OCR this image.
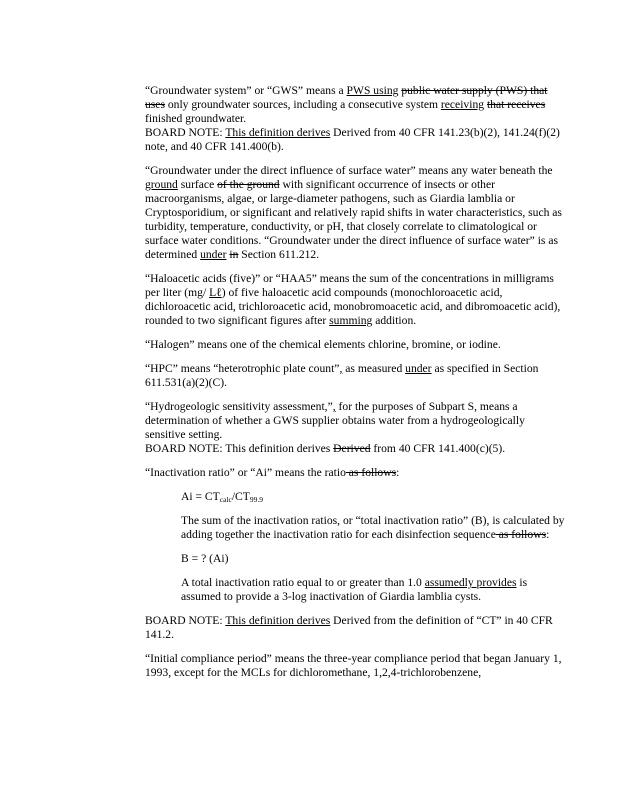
“Groundwater system” or “GWS” means a PWS using public water supply (PWS) that uses only groundwater sources, including a consecutive system receiving that receives finished groundwater.
BOARD NOTE: This definition derives Derived from 40 CFR 141.23(b)(2), 141.24(f)(2) note, and 40 CFR 141.400(b).

“Groundwater under the direct influence of surface water” means any water beneath the ground surface of the ground with significant occurrence of insects or other macroorganisms, algae, or large-diameter pathogens, such as Giardia lamblia or Cryptosporidium, or significant and relatively rapid shifts in water characteristics, such as turbidity, temperature, conductivity, or pH, that closely correlate to climatological or surface water conditions. “Groundwater under the direct influence of surface water” is as determined under in Section 611.212.

“Haloacetic acids (five)” or “HAA5” means the sum of the concentrations in milligrams per liter (mg/ Lℓ) of five haloacetic acid compounds (monochloroacetic acid, dichloroacetic acid, trichloroacetic acid, monobromoacetic acid, and dibromoacetic acid), rounded to two significant figures after summing addition.

“Halogen” means one of the chemical elements chlorine, bromine, or iodine.

“HPC” means “heterotrophic plate count”, as measured under as specified in Section 611.531(a)(2)(C).

“Hydrogeologic sensitivity assessment,”, for the purposes of Subpart S, means a determination of whether a GWS supplier obtains water from a hydrogeologically sensitive setting.
BOARD NOTE: This definition derives Derived from 40 CFR 141.400(c)(5).

“Inactivation ratio” or “Ai” means the ratio as follows:

$Ai = CT_{calc}/CT_{99.9}$

The sum of the inactivation ratios, or “total inactivation ratio” (B), is calculated by adding together the inactivation ratio for each disinfection sequence as follows:

B = ? (Ai)

A total inactivation ratio equal to or greater than 1.0 assumedly provides is assumed to provide a 3-log inactivation of Giardia lamblia cysts.

BOARD NOTE: This definition derives Derived from the definition of “CT” in 40 CFR 141.2.

“Initial compliance period” means the three-year compliance period that began January 1, 1993, except for the MCLs for dichloromethane, 1,2,4-trichlorobenzene,
